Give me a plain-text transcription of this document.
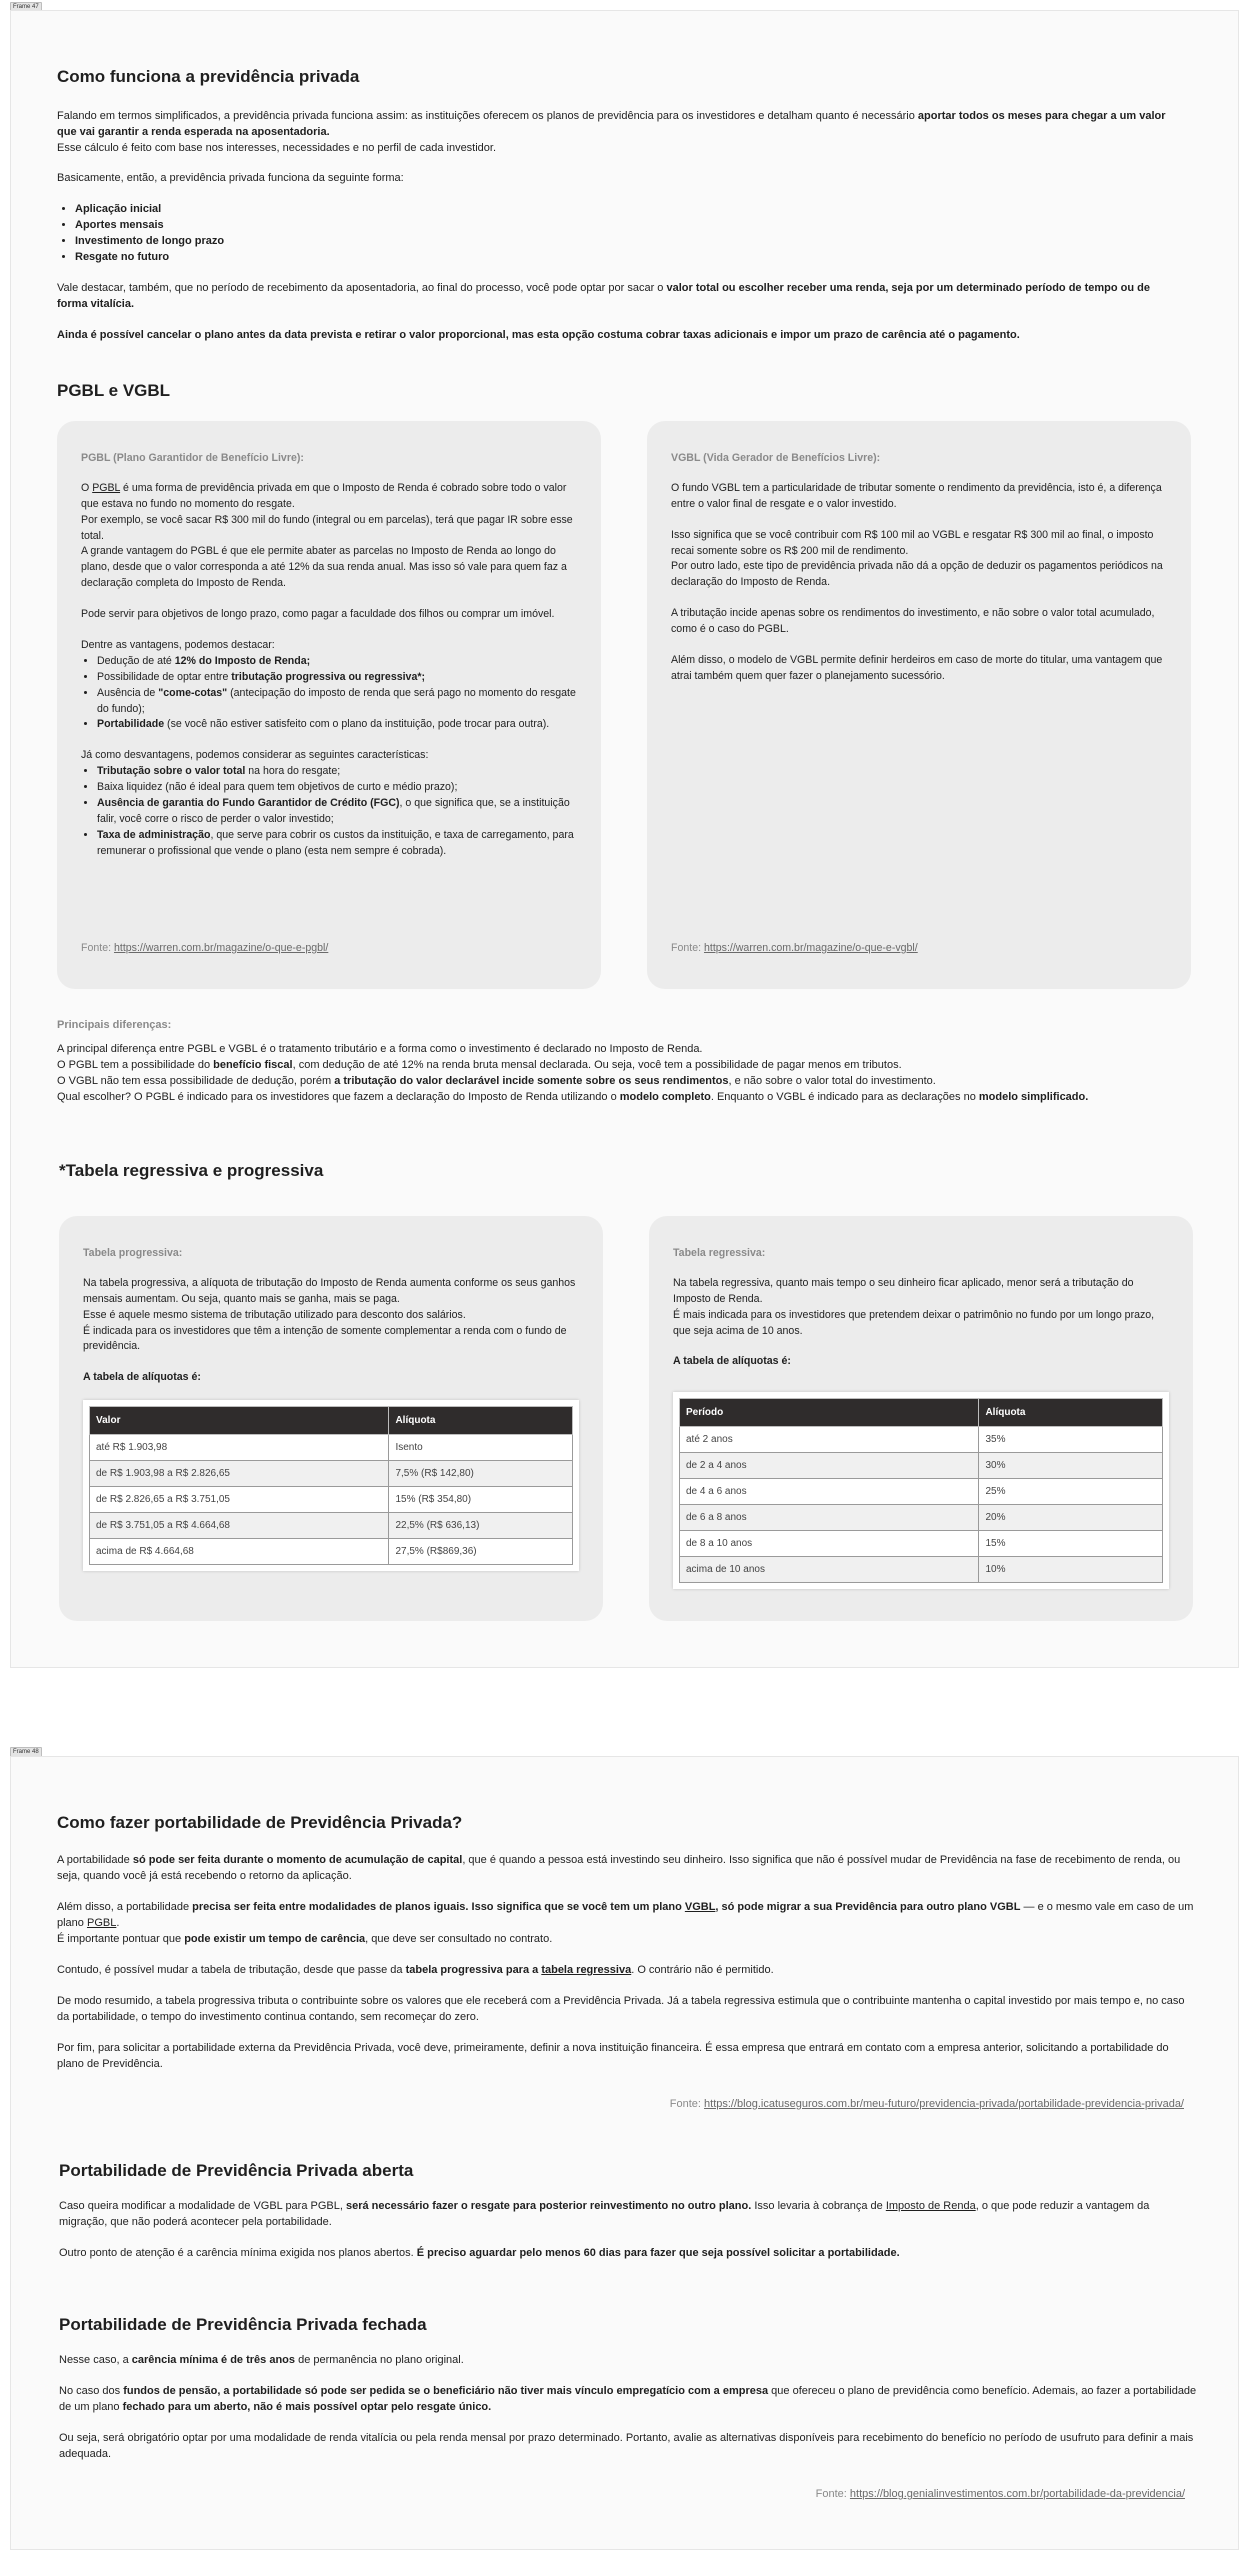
Frame 47
Frame 48
Como funciona a previdência privada

Falando em termos simplificados, a previdência privada funciona assim: as instituições oferecem os planos de previdência para os investidores e detalham quanto é necessário aportar todos os meses para chegar a um valor que vai garantir a renda esperada na aposentadoria.
Esse cálculo é feito com base nos interesses, necessidades e no perfil de cada investidor.

Basicamente, então, a previdência privada funciona da seguinte forma:

• Aplicação inicial
• Aportes mensais
• Investimento de longo prazo
• Resgate no futuro

Vale destacar, também, que no período de recebimento da aposentadoria, ao final do processo, você pode optar por sacar o valor total ou escolher receber uma renda, seja por um determinado período de tempo ou de forma vitalícia.

Ainda é possível cancelar o plano antes da data prevista e retirar o valor proporcional, mas esta opção costuma cobrar taxas adicionais e impor um prazo de carência até o pagamento.

PGBL e VGBL
PGBL (Plano Garantidor de Benefício Livre):

O PGBL é uma forma de previdência privada em que o Imposto de Renda é cobrado sobre todo o valor que estava no fundo no momento do resgate.
Por exemplo, se você sacar R$ 300 mil do fundo (integral ou em parcelas), terá que pagar IR sobre esse total.
A grande vantagem do PGBL é que ele permite abater as parcelas no Imposto de Renda ao longo do plano, desde que o valor corresponda a até 12% da sua renda anual. Mas isso só vale para quem faz a declaração completa do Imposto de Renda.

Pode servir para objetivos de longo prazo, como pagar a faculdade dos filhos ou comprar um imóvel.

Dentre as vantagens, podemos destacar:

• Dedução de até 12% do Imposto de Renda;
• Possibilidade de optar entre tributação progressiva ou regressiva*;
• Ausência de "come-cotas" (antecipação do imposto de renda que será pago no momento do resgate do fundo);
• Portabilidade (se você não estiver satisfeito com o plano da instituição, pode trocar para outra).

Já como desvantagens, podemos considerar as seguintes características:

• Tributação sobre o valor total na hora do resgate;
• Baixa liquidez (não é ideal para quem tem objetivos de curto e médio prazo);
• Ausência de garantia do Fundo Garantidor de Crédito (FGC), o que significa que, se a instituição falir, você corre o risco de perder o valor investido;
• Taxa de administração, que serve para cobrir os custos da instituição, e taxa de carregamento, para remunerar o profissional que vende o plano (esta nem sempre é cobrada).
Fonte: https://warren.com.br/magazine/o-que-e-pgbl/
VGBL (Vida Gerador de Benefícios Livre):

O fundo VGBL tem a particularidade de tributar somente o rendimento da previdência, isto é, a diferença entre o valor final de resgate e o valor investido.

Isso significa que se você contribuir com R$ 100 mil ao VGBL e resgatar R$ 300 mil ao final, o imposto recai somente sobre os R$ 200 mil de rendimento.
Por outro lado, este tipo de previdência privada não dá a opção de deduzir os pagamentos periódicos na declaração do Imposto de Renda.

A tributação incide apenas sobre os rendimentos do investimento, e não sobre o valor total acumulado, como é o caso do PGBL.

Além disso, o modelo de VGBL permite definir herdeiros em caso de morte do titular, uma vantagem que atrai também quem quer fazer o planejamento sucessório.

Fonte: https://warren.com.br/magazine/o-que-e-vgbl/

Principais diferenças:

A principal diferença entre PGBL e VGBL é o tratamento tributário e a forma como o investimento é declarado no Imposto de Renda.
O PGBL tem a possibilidade do benefício fiscal, com dedução de até 12% na renda bruta mensal declarada. Ou seja, você tem a possibilidade de pagar menos em tributos.
O VGBL não tem essa possibilidade de dedução, porém a tributação do valor declarável incide somente sobre os seus rendimentos, e não sobre o valor total do investimento.
Qual escolher? O PGBL é indicado para os investidores que fazem a declaração do Imposto de Renda utilizando o modelo completo. Enquanto o VGBL é indicado para as declarações no modelo simplificado.

*Tabela regressiva e progressiva
Tabela progressiva:

Na tabela progressiva, a alíquota de tributação do Imposto de Renda aumenta conforme os seus ganhos mensais aumentam. Ou seja, quanto mais se ganha, mais se paga.
Esse é aquele mesmo sistema de tributação utilizado para desconto dos salários.
É indicada para os investidores que têm a intenção de somente complementar a renda com o fundo de previdência.

A tabela de alíquotas é:

Valor	Alíquota
até R$ 1.903,98	Isento
de R$ 1.903,98 a R$ 2.826,65	7,5% (R$ 142,80)
de R$ 2.826,65 a R$ 3.751,05	15% (R$ 354,80)
de R$ 3.751,05 a R$ 4.664,68	22,5% (R$ 636,13)
acima de R$ 4.664,68	27,5% (R$869,36)
Tabela regressiva:

Na tabela regressiva, quanto mais tempo o seu dinheiro ficar aplicado, menor será a tributação do Imposto de Renda.
É mais indicada para os investidores que pretendem deixar o patrimônio no fundo por um longo prazo, que seja acima de 10 anos.

A tabela de alíquotas é:

Período	Alíquota
até 2 anos	35%
de 2 a 4 anos	30%
de 4 a 6 anos	25%
de 6 a 8 anos	20%
de 8 a 10 anos	15%
acima de 10 anos	10%
Como fazer portabilidade de Previdência Privada?

A portabilidade só pode ser feita durante o momento de acumulação de capital, que é quando a pessoa está investindo seu dinheiro. Isso significa que não é possível mudar de Previdência na fase de recebimento de renda, ou seja, quando você já está recebendo o retorno da aplicação.

Além disso, a portabilidade precisa ser feita entre modalidades de planos iguais. Isso significa que se você tem um plano VGBL, só pode migrar a sua Previdência para outro plano VGBL — e o mesmo vale em caso de um plano PGBL.
É importante pontuar que pode existir um tempo de carência, que deve ser consultado no contrato.

Contudo, é possível mudar a tabela de tributação, desde que passe da tabela progressiva para a tabela regressiva. O contrário não é permitido.

De modo resumido, a tabela progressiva tributa o contribuinte sobre os valores que ele receberá com a Previdência Privada. Já a tabela regressiva estimula que o contribuinte mantenha o capital investido por mais tempo e, no caso da portabilidade, o tempo do investimento continua contando, sem recomeçar do zero.

Por fim, para solicitar a portabilidade externa da Previdência Privada, você deve, primeiramente, definir a nova instituição financeira. É essa empresa que entrará em contato com a empresa anterior, solicitando a portabilidade do plano de Previdência.

Fonte: https://blog.icatuseguros.com.br/meu-futuro/previdencia-privada/portabilidade-previdencia-privada/
Portabilidade de Previdência Privada aberta

Caso queira modificar a modalidade de VGBL para PGBL, será necessário fazer o resgate para posterior reinvestimento no outro plano. Isso levaria à cobrança de Imposto de Renda, o que pode reduzir a vantagem da migração, que não poderá acontecer pela portabilidade.

Outro ponto de atenção é a carência mínima exigida nos planos abertos. É preciso aguardar pelo menos 60 dias para fazer que seja possível solicitar a portabilidade.

Portabilidade de Previdência Privada fechada

Nesse caso, a carência mínima é de três anos de permanência no plano original.

No caso dos fundos de pensão, a portabilidade só pode ser pedida se o beneficiário não tiver mais vínculo empregatício com a empresa que ofereceu o plano de previdência como benefício. Ademais, ao fazer a portabilidade de um plano fechado para um aberto, não é mais possível optar pelo resgate único.

Ou seja, será obrigatório optar por uma modalidade de renda vitalícia ou pela renda mensal por prazo determinado. Portanto, avalie as alternativas disponíveis para recebimento do benefício no período de usufruto para definir a mais adequada.

Fonte: https://blog.genialinvestimentos.com.br/portabilidade-da-previdencia/
